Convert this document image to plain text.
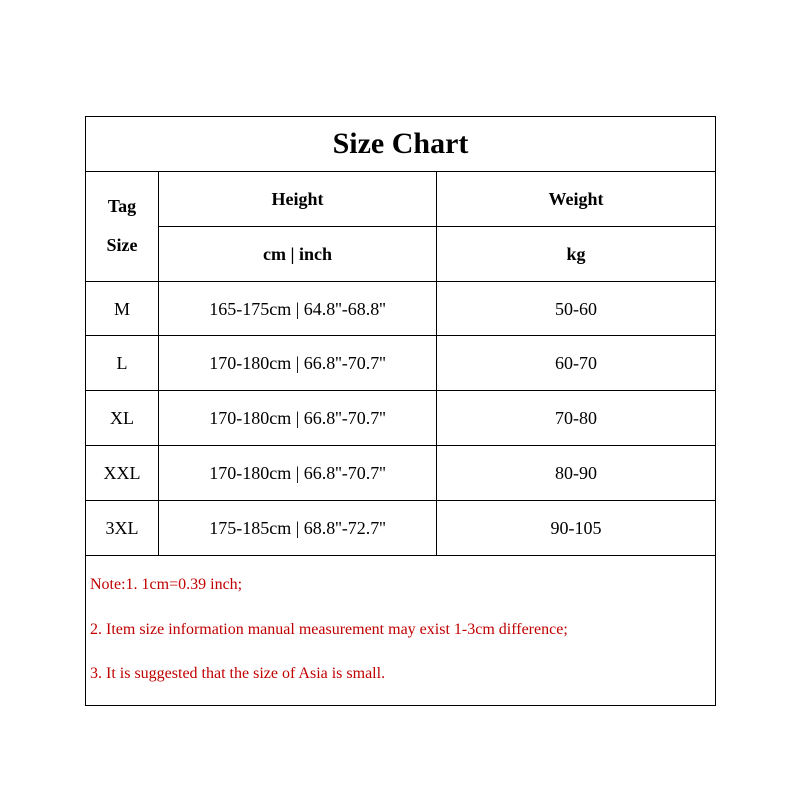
Size Chart
Tag
Size
Height	Weight
cm | inch	kg
M	165-175cm | 64.8''-68.8''	50-60
L	170-180cm | 66.8''-70.7''	60-70
XL	170-180cm | 66.8''-70.7''	70-80
XXL	170-180cm | 66.8''-70.7''	80-90
3XL	175-185cm | 68.8''-72.7''	90-105
Note:1. 1cm=0.39 inch;
2. Item size information manual measurement may exist 1-3cm difference;
3. It is suggested that the size of Asia is small.
